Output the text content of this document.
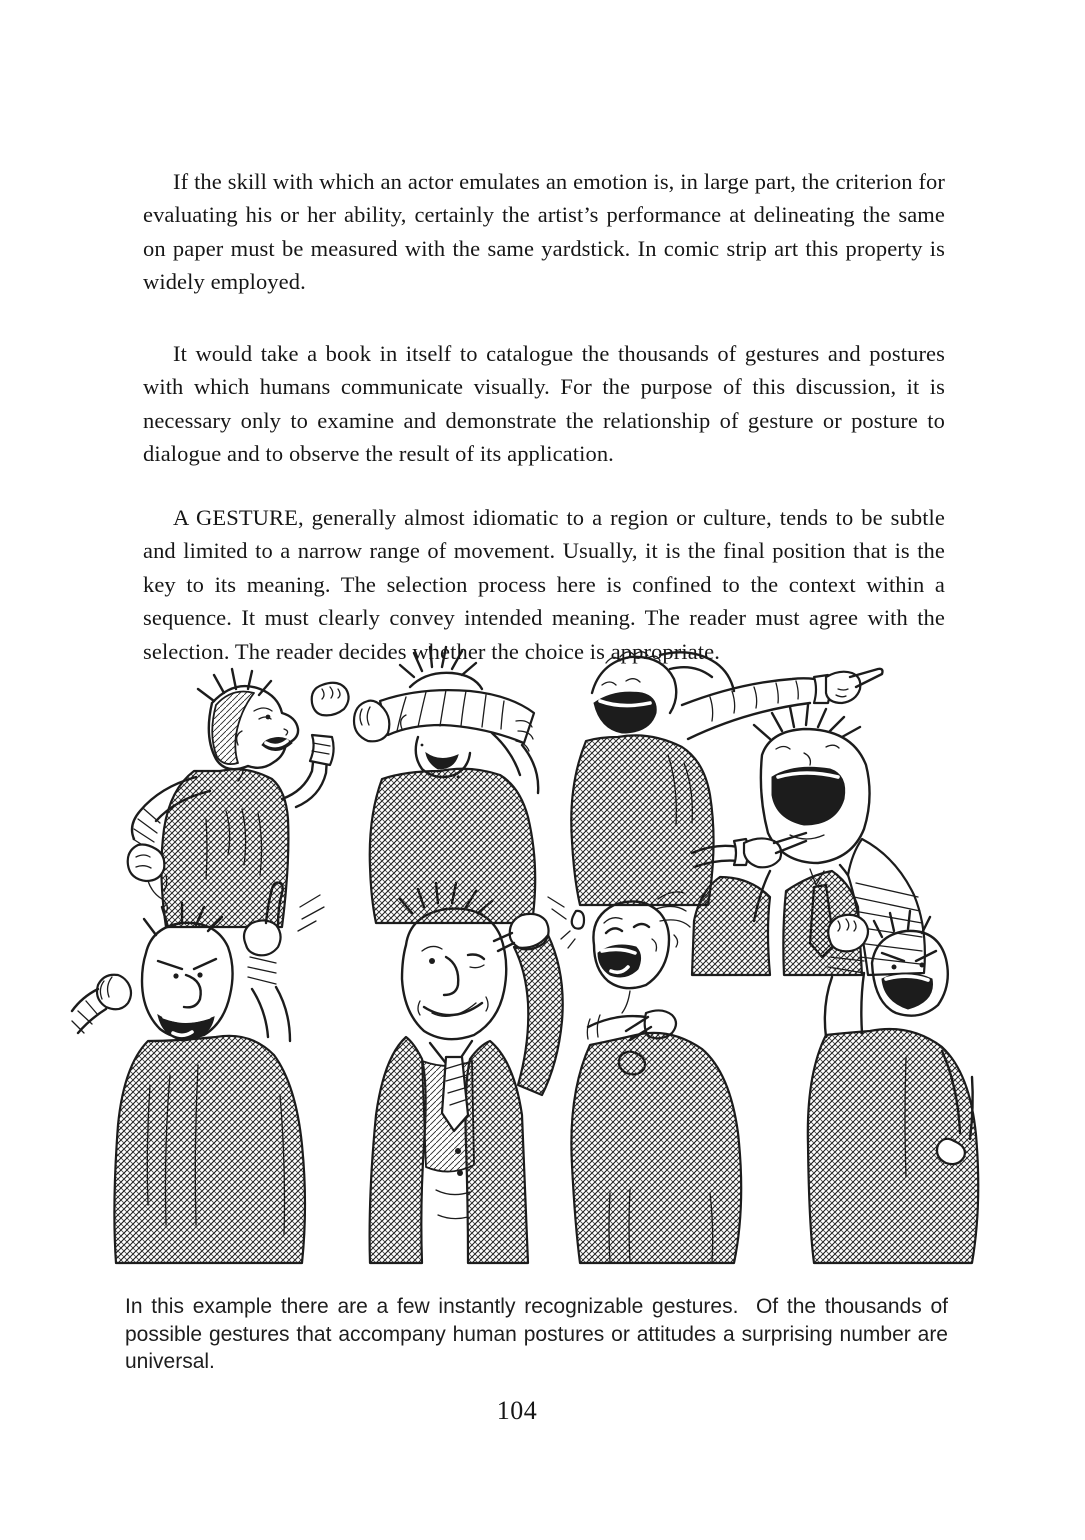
If the skill with which an actor emulates an emotion is, in large part, the criterion for evaluating his or her ability, certainly the artist’s performance at delineating the same on paper must be measured with the same yardstick. In comic strip art this property is widely employed.

It would take a book in itself to catalogue the thousands of gestures and postures with which humans communicate visually. For the purpose of this discussion, it is necessary only to examine and demonstrate the relationship of gesture or posture to dialogue and to observe the result of its application.

A GESTURE, generally almost idiomatic to a region or culture, tends to be subtle and limited to a narrow range of movement. Usually, it is the final position that is the key to its meaning. The selection process here is confined to the context within a sequence. It must clearly convey intended meaning. The reader must agree with the selection. The reader decides whether the choice is appropriate.

In this example there are a few instantly recognizable gestures.  Of the thousands of possible gestures that accompany human postures or attitudes a surprising number are universal.

104
